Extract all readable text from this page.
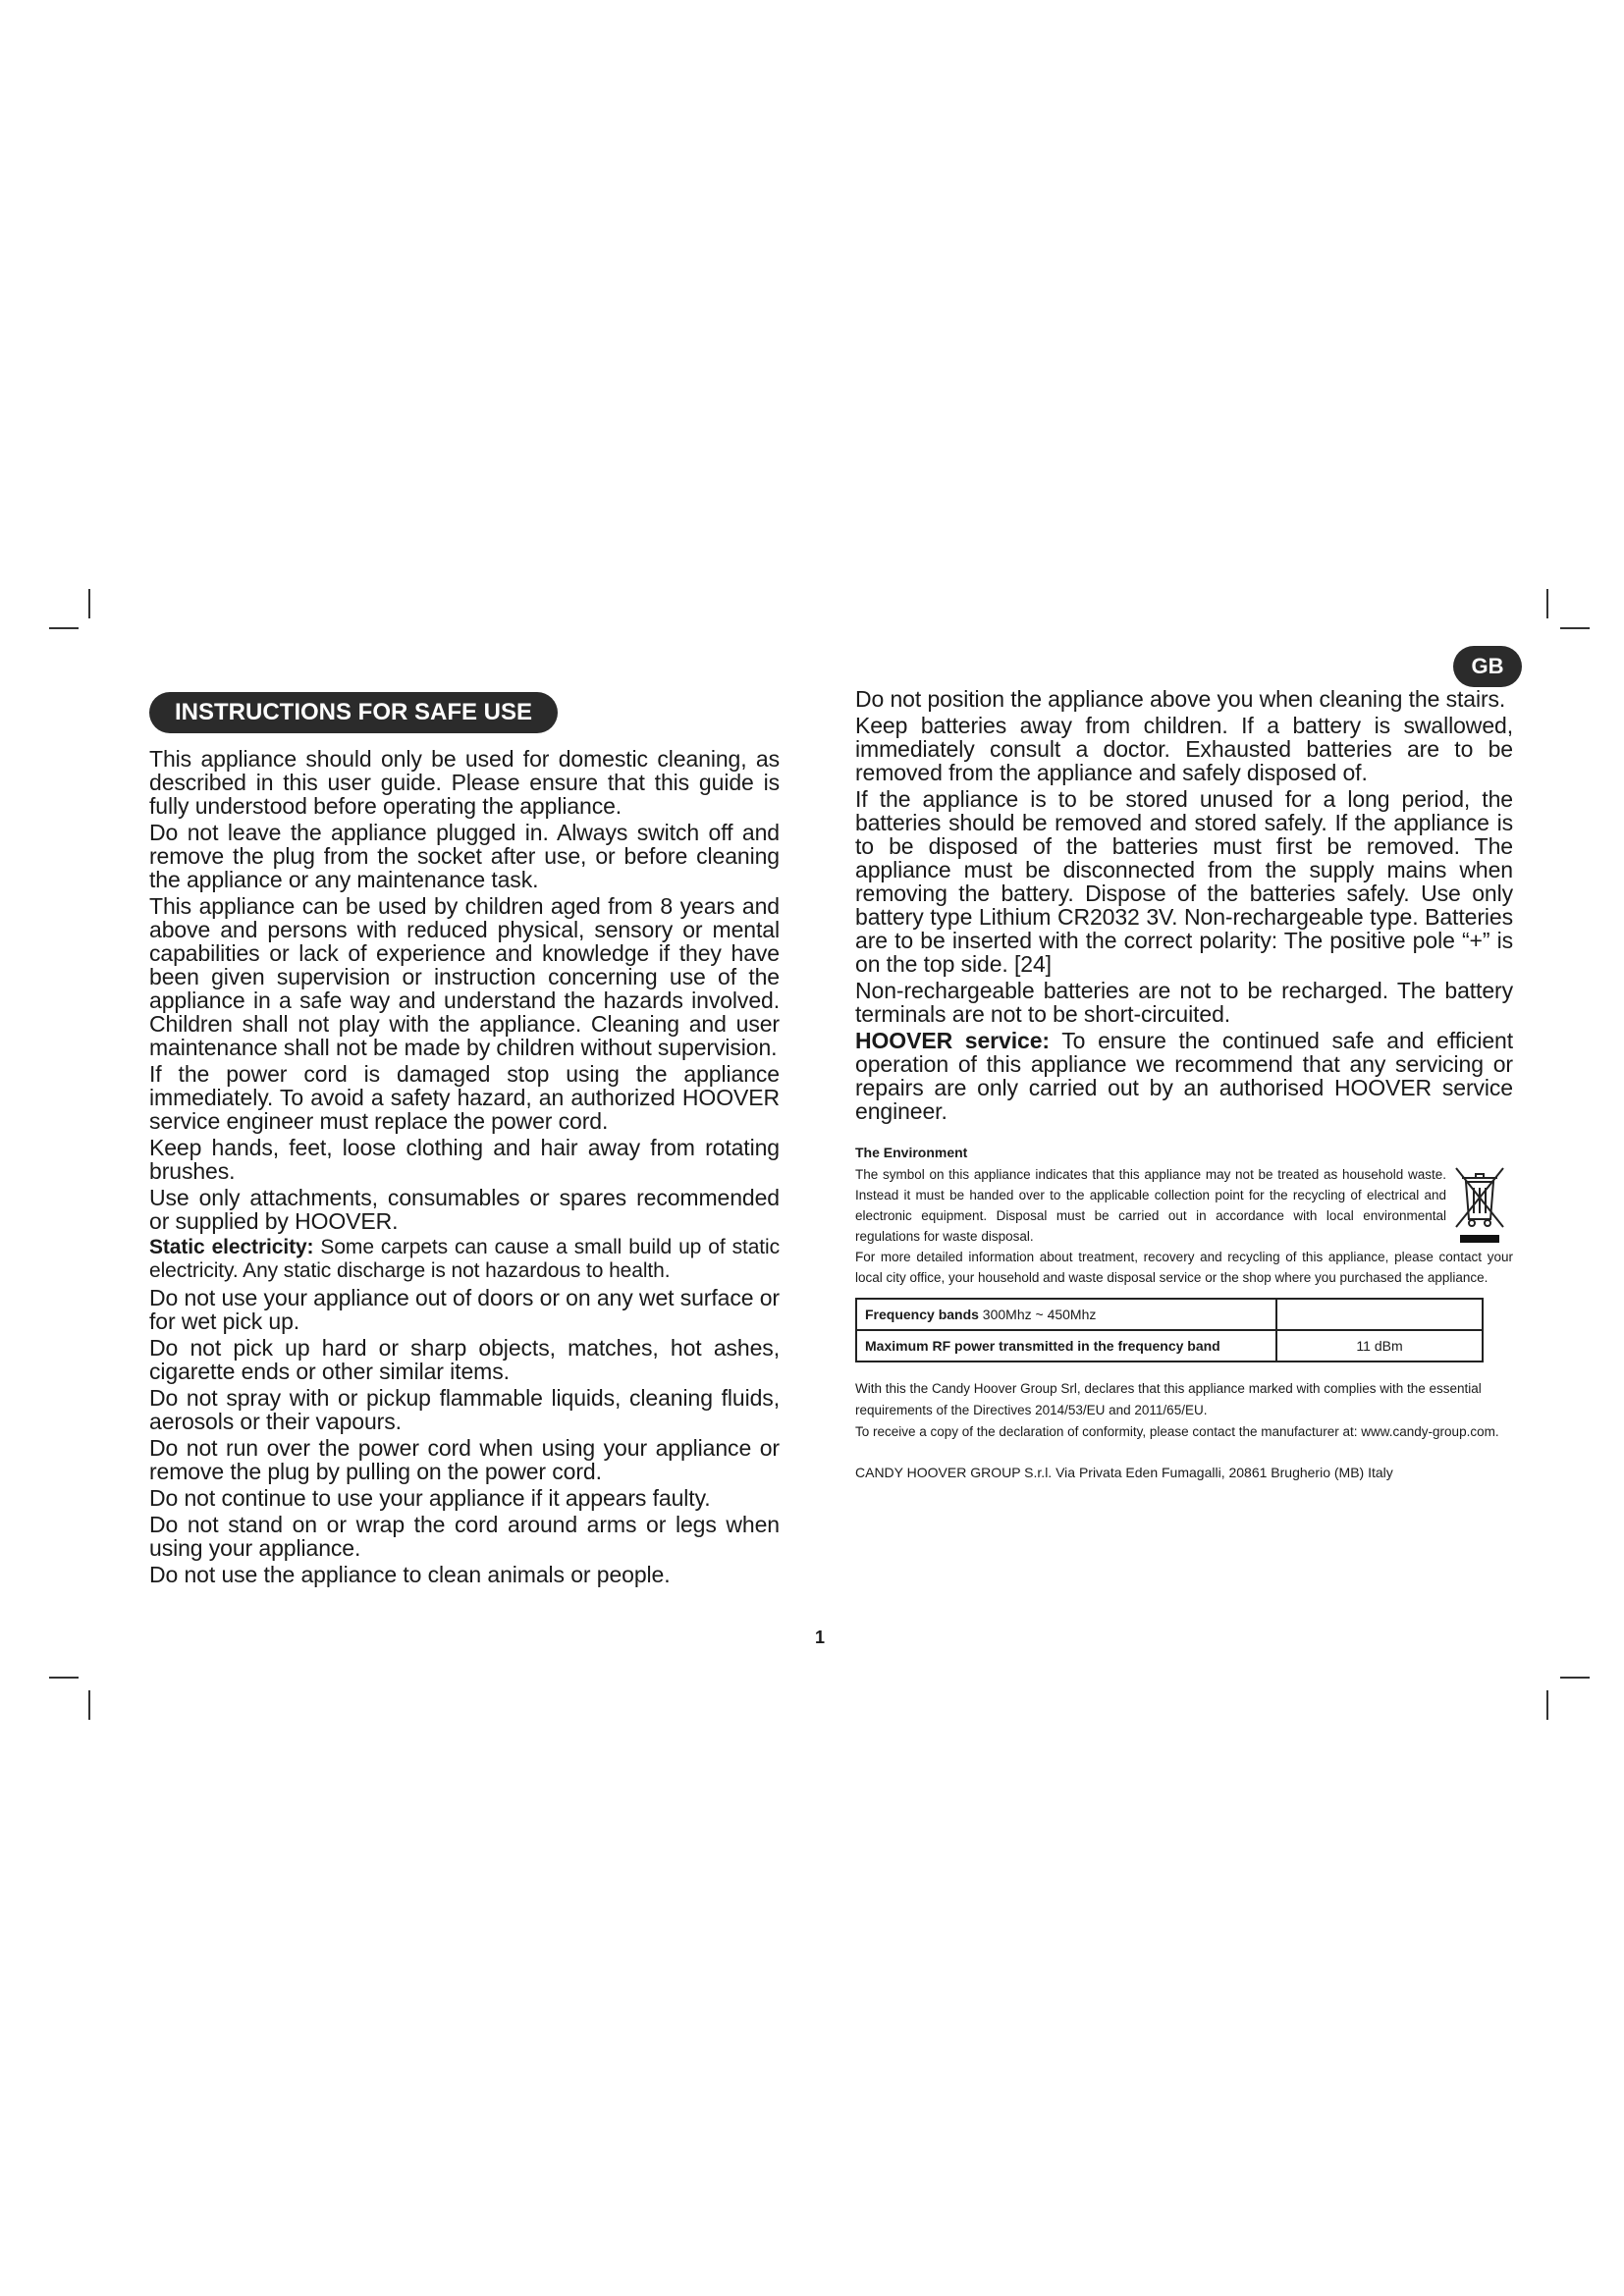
GB
INSTRUCTIONS FOR SAFE USE

This appliance should only be used for domestic cleaning, as described in this user guide. Please ensure that this guide is fully understood before operating the appliance.

Do not leave the appliance plugged in. Always switch off and remove the plug from the socket after use, or before cleaning the appliance or any maintenance task.

This appliance can be used by children aged from 8 years and above and persons with reduced physical, sensory or mental capabilities or lack of experience and knowledge if they have been given supervision or instruction concerning use of the appliance in a safe way and understand the hazards involved. Children shall not play with the appliance. Cleaning and user maintenance shall not be made by children without supervision.

If the power cord is damaged stop using the appliance immediately. To avoid a safety hazard, an authorized HOOVER service engineer must replace the power cord.

Keep hands, feet, loose clothing and hair away from rotating brushes.

Use only attachments, consumables or spares recommended or supplied by HOOVER.

Static electricity: Some carpets can cause a small build up of static electricity. Any static discharge is not hazardous to health.

Do not use your appliance out of doors or on any wet surface or for wet pick up.

Do not pick up hard or sharp objects, matches, hot ashes, cigarette ends or other similar items.

Do not spray with or pickup flammable liquids, cleaning fluids, aerosols or their vapours.

Do not run over the power cord when using your appliance or remove the plug by pulling on the power cord.

Do not continue to use your appliance if it appears faulty.

Do not stand on or wrap the cord around arms or legs when using your appliance.

Do not use the appliance to clean animals or people.

Do not position the appliance above you when cleaning the stairs.

Keep batteries away from children. If a battery is swallowed, immediately consult a doctor. Exhausted batteries are to be removed from the appliance and safely disposed of.

If the appliance is to be stored unused for a long period, the batteries should be removed and stored safely. If the appliance is to be disposed of the batteries must first be removed. The appliance must be disconnected from the supply mains when removing the battery. Dispose of the batteries safely. Use only battery type Lithium CR2032 3V. Non-rechargeable type. Batteries are to be inserted with the correct polarity: The positive pole “+” is on the top side. [24]

Non-rechargeable batteries are not to be recharged. The battery terminals are not to be short-circuited.

HOOVER service: To ensure the continued safe and efficient operation of this appliance we recommend that any servicing or repairs are only carried out by an authorised HOOVER service engineer.

The Environment

The symbol on this appliance indicates that this appliance may not be treated as household waste. Instead it must be handed over to the applicable collection point for the recycling of electrical and electronic equipment. Disposal must be carried out in accordance with local environmental regulations for waste disposal.

For more detailed information about treatment, recovery and recycling of this appliance, please contact your local city office, your household and waste disposal service or the shop where you purchased the appliance.

Frequency bands 300Mhz ~ 450Mhz	
Maximum RF power transmitted in the frequency band	11 dBm

With this the Candy Hoover Group Srl, declares that this appliance marked with complies with the essential requirements of the Directives 2014/53/EU and 2011/65/EU.

To receive a copy of the declaration of conformity, please contact the manufacturer at: www.candy-group.com.

CANDY HOOVER GROUP S.r.l. Via Privata Eden Fumagalli, 20861 Brugherio (MB) Italy
1
